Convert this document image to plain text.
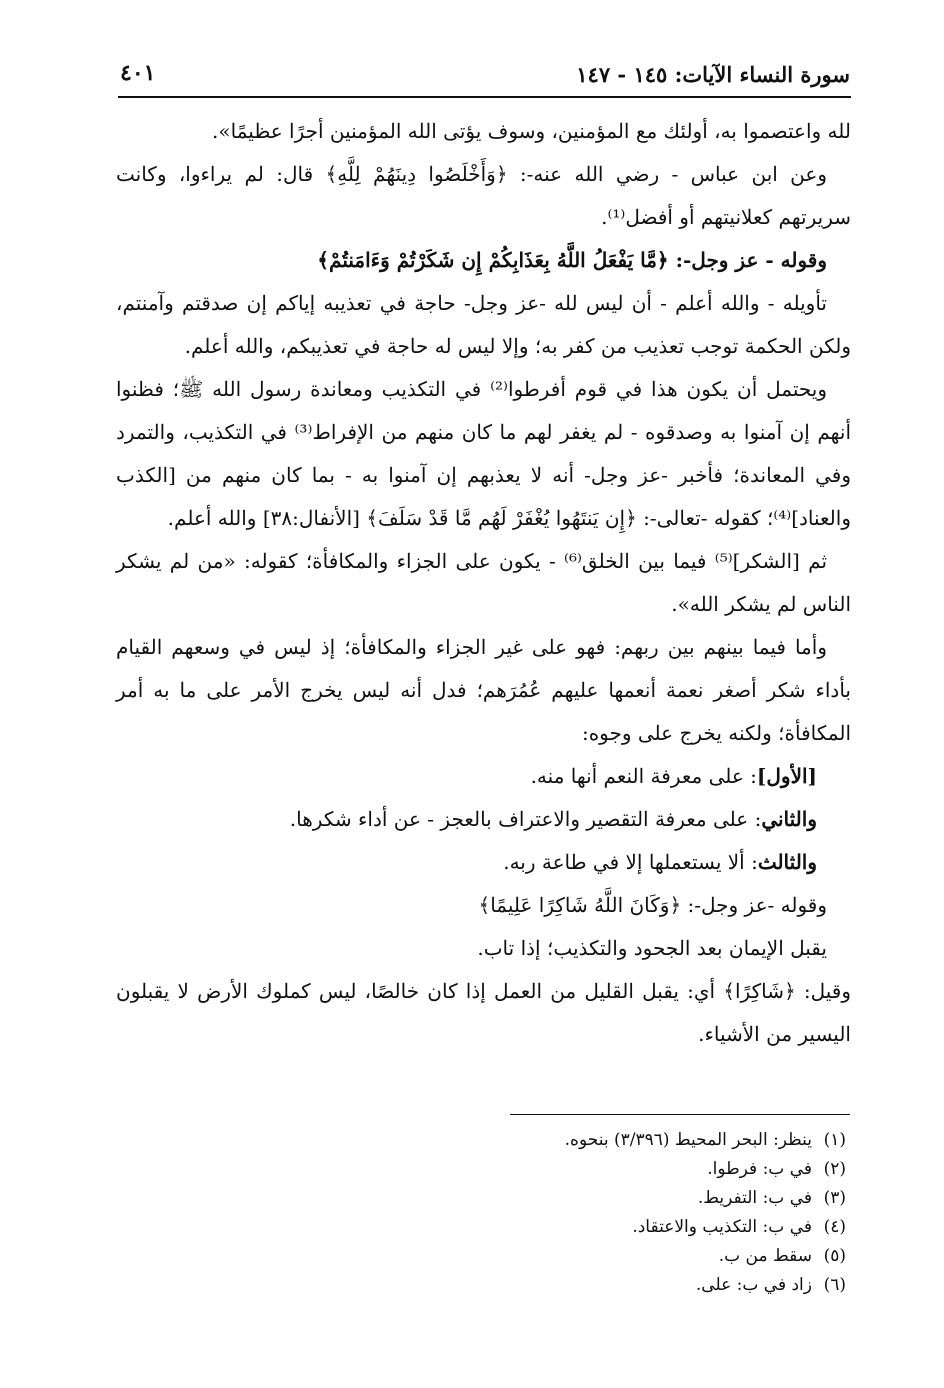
سورة النساء الآيات: ١٤٥ - ١٤٧
٤٠١

لله واعتصموا به، أولئك مع المؤمنين، وسوف يؤتى الله المؤمنين أجرًا عظيمًا».

وعن ابن عباس - رضي الله عنه-: ﴿وَأَخْلَصُوا دِينَهُمْ لِلَّهِ﴾ قال: لم يراءوا، وكانت سريرتهم كعلانيتهم أو أفضل⁽¹⁾.

وقوله - عز وجل-: ﴿مَّا يَفْعَلُ اللَّهُ بِعَذَابِكُمْ إِن شَكَرْتُمْ وَءَامَنتُمْ﴾

تأويله - والله أعلم - أن ليس لله -عز وجل- حاجة في تعذيبه إياكم إن صدقتم وآمنتم، ولكن الحكمة توجب تعذيب من كفر به؛ وإلا ليس له حاجة في تعذيبكم، والله أعلم.

ويحتمل أن يكون هذا في قوم أفرطوا⁽²⁾ في التكذيب ومعاندة رسول الله ﷺ؛ فظنوا أنهم إن آمنوا به وصدقوه - لم يغفر لهم ما كان منهم من الإفراط⁽³⁾ في التكذيب، والتمرد وفي المعاندة؛ فأخبر -عز وجل- أنه لا يعذبهم إن آمنوا به - بما كان منهم من [الكذب والعناد]⁽⁴⁾؛ كقوله -تعالى-: ﴿إِن يَنتَهُوا يُغْفَرْ لَهُم مَّا قَدْ سَلَفَ﴾ [الأنفال:٣٨] والله أعلم.

ثم [الشكر]⁽⁵⁾ فيما بين الخلق⁽⁶⁾ - يكون على الجزاء والمكافأة؛ كقوله: «من لم يشكر الناس لم يشكر الله».

وأما فيما بينهم بين ربهم: فهو على غير الجزاء والمكافأة؛ إذ ليس في وسعهم القيام بأداء شكر أصغر نعمة أنعمها عليهم عُمُرَهم؛ فدل أنه ليس يخرج الأمر على ما به أمر المكافأة؛ ولكنه يخرج على وجوه:

[الأول]: على معرفة النعم أنها منه.

والثاني: على معرفة التقصير والاعتراف بالعجز - عن أداء شكرها.

والثالث: ألا يستعملها إلا في طاعة ربه.

وقوله -عز وجل-: ﴿وَكَانَ اللَّهُ شَاكِرًا عَلِيمًا﴾

يقبل الإيمان بعد الجحود والتكذيب؛ إذا تاب.

وقيل: ﴿شَاكِرًا﴾ أي: يقبل القليل من العمل إذا كان خالصًا، ليس كملوك الأرض لا يقبلون اليسير من الأشياء.

(١)
ينظر: البحر المحيط (٣/٣٩٦) بنحوه.
(٢)
في ب: فرطوا.
(٣)
في ب: التفريط.
(٤)
في ب: التكذيب والاعتقاد.
(٥)
سقط من ب.
(٦)
زاد في ب: على.
